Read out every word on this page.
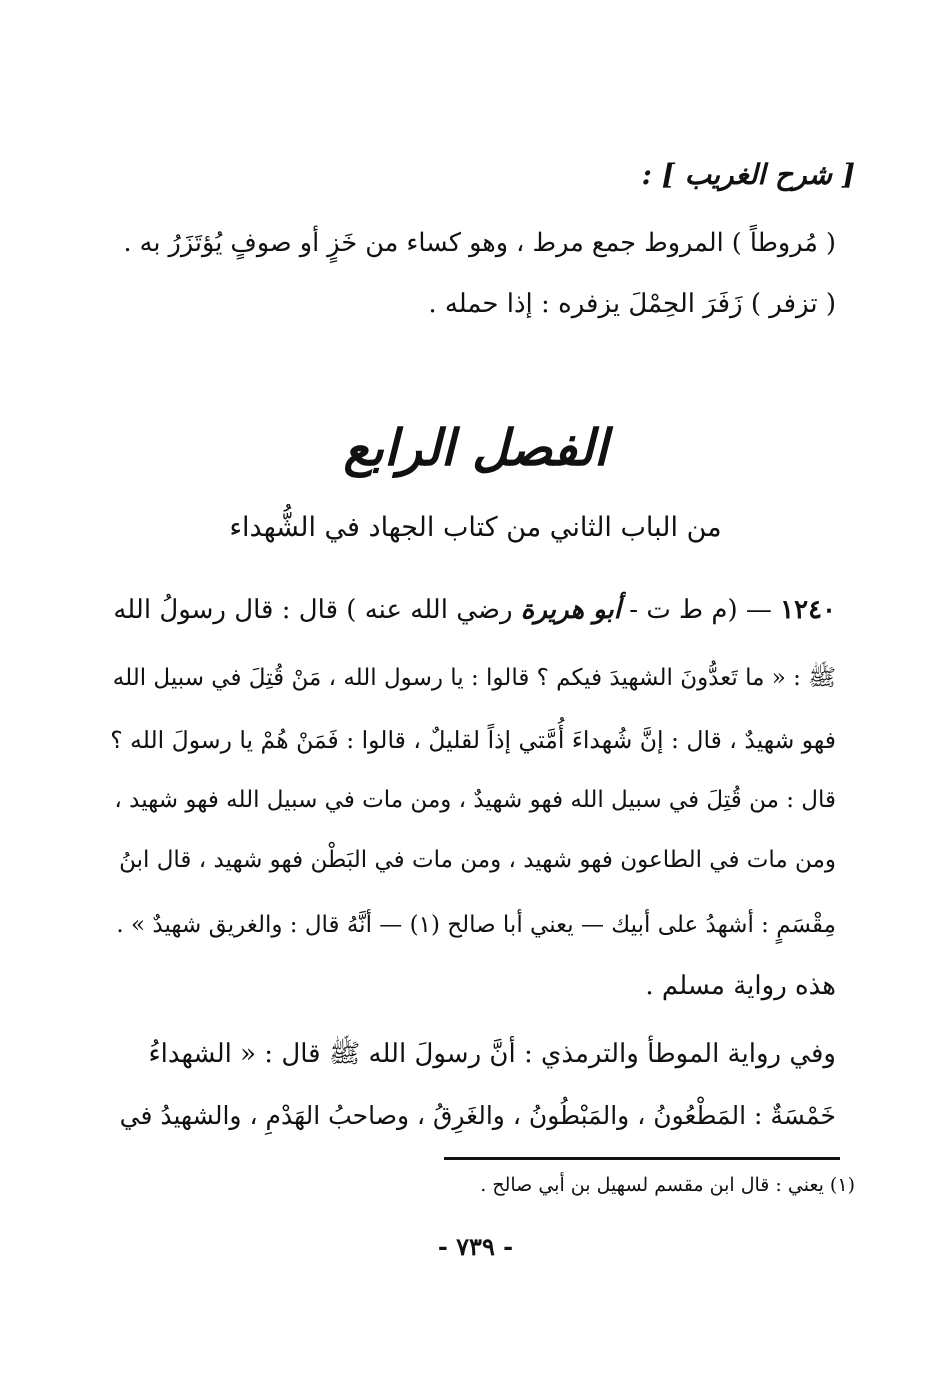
[ شرح الغريب ] :
( مُروطاً ) المروط جمع مرط ، وهو كساء من خَزٍ أو صوفٍ يُؤتَزَرُ به .
( تزفر ) زَفَرَ الحِمْلَ يزفره : إذا حمله .
الفصل الرابع
من الباب الثاني من كتاب الجهاد في الشُّهداء
١٢٤٠ — (م ط ت - أبو هريرة رضي الله عنه ) قال : قال رسولُ الله
ﷺ : « ما تَعدُّونَ الشهيدَ فيكم ؟ قالوا : يا رسول الله ، مَنْ قُتِلَ في سبيل الله
فهو شهيدٌ ، قال : إنَّ شُهداءَ أُمَّتي إذاً لقليلٌ ، قالوا : فَمَنْ هُمْ يا رسولَ الله ؟
قال : من قُتِلَ في سبيل الله فهو شهيدٌ ، ومن مات في سبيل الله فهو شهيد ،
ومن مات في الطاعون فهو شهيد ، ومن مات في البَطْن فهو شهيد ، قال ابنُ
مِقْسَمٍ : أشهدُ على أبيك — يعني أبا صالح (١) — أنَّهُ قال : والغريق شهيدٌ » .
هذه رواية مسلم .
وفي رواية الموطأ والترمذي : أنَّ رسولَ الله ﷺ قال : « الشهداءُ
خَمْسَةٌ : المَطْعُونُ ، والمَبْطُونُ ، والغَرِقُ ، وصاحبُ الهَدْمِ ، والشهيدُ في
(١) يعني : قال ابن مقسم لسهيل بن أبي صالح .
- ٧٣٩ -
